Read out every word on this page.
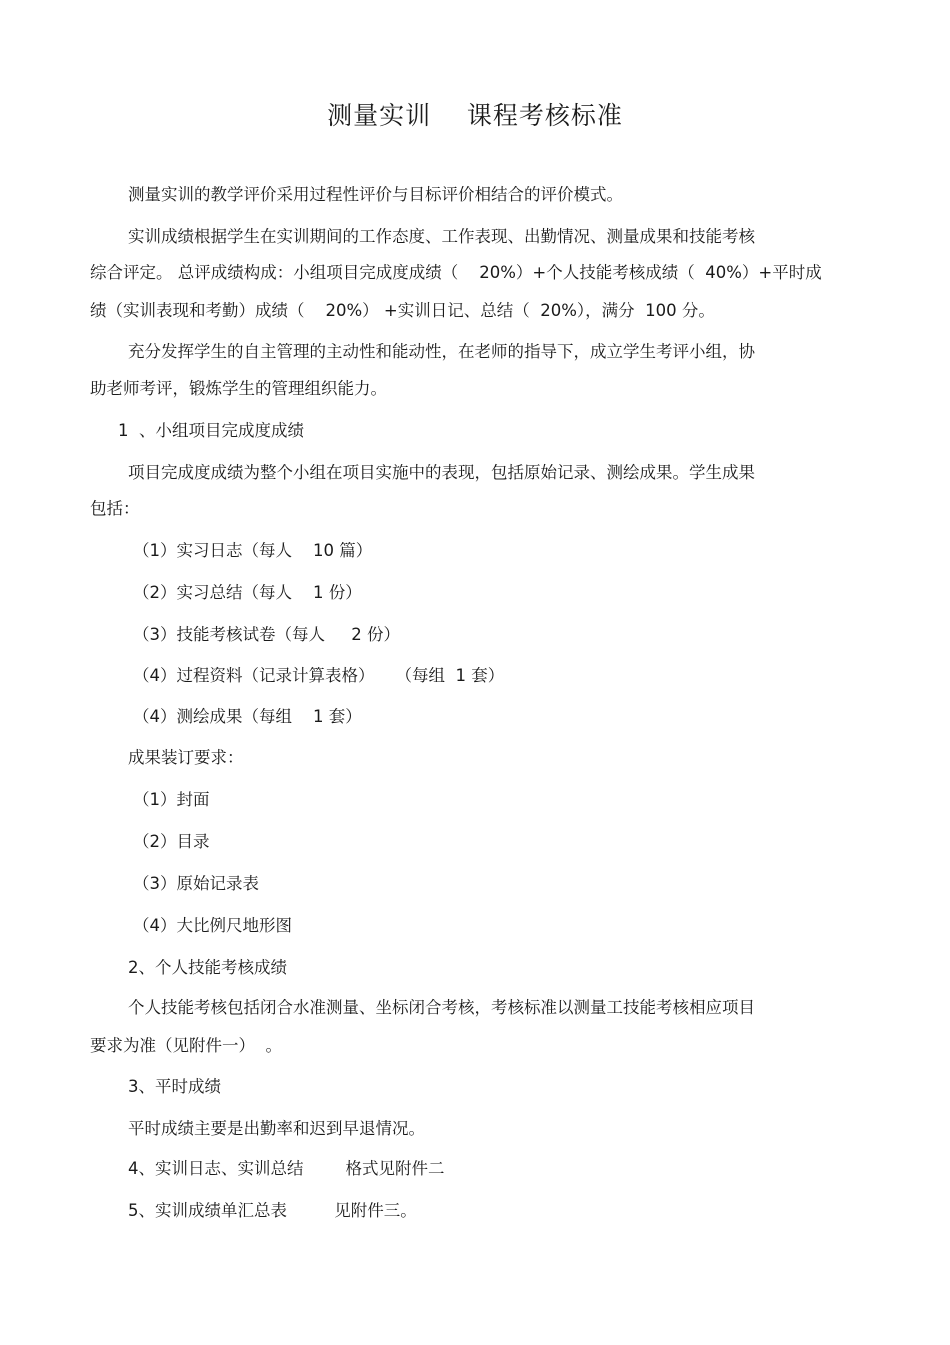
测量实训    课程考核标准
测量实训的教学评价采用过程性评价与目标评价相结合的评价模式。
实训成绩根据学生在实训期间的工作态度、工作表现、出勤情况、测量成果和技能考核
综合评定。 总评成绩构成：小组项目完成度成绩（    20%）+个人技能考核成绩（  40%）+平时成
绩（实训表现和考勤）成绩（    20%） +实训日记、总结（  20%），满分  100 分。
充分发挥学生的自主管理的主动性和能动性，在老师的指导下，成立学生考评小组，协
助老师考评，锻炼学生的管理组织能力。
1  、小组项目完成度成绩
项目完成度成绩为整个小组在项目实施中的表现，包括原始记录、测绘成果。学生成果
包括：
（1）实习日志（每人    10 篇）
（2）实习总结（每人    1 份）
（3）技能考核试卷（每人     2 份）
（4）过程资料（记录计算表格）    （每组  1 套）
（4）测绘成果（每组    1 套）
成果装订要求：
（1）封面
（2）目录
（3）原始记录表
（4）大比例尺地形图
2、个人技能考核成绩
个人技能考核包括闭合水准测量、坐标闭合考核，考核标准以测量工技能考核相应项目
要求为准（见附件一）  。
3、平时成绩
平时成绩主要是出勤率和迟到早退情况。
4、实训日志、实训总结        格式见附件二
5、实训成绩单汇总表         见附件三。
